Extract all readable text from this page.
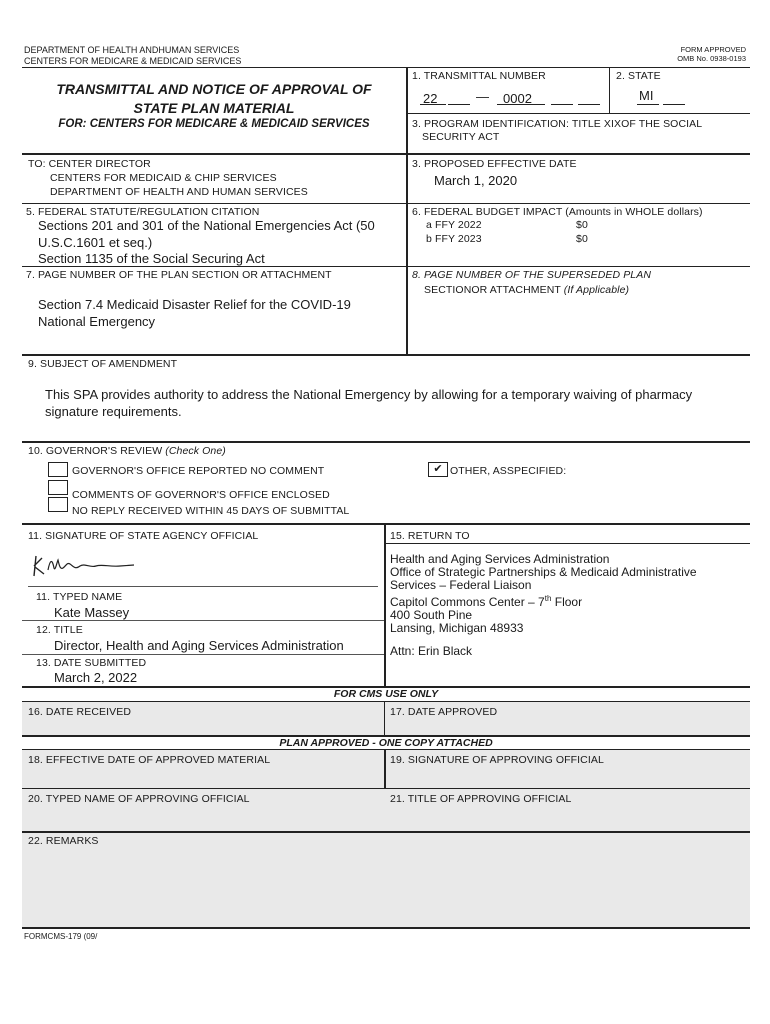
DEPARTMENT OF HEALTH ANDHUMAN SERVICES
CENTERS FOR MEDICARE & MEDICAID SERVICES
FORM APPROVED
OMB No. 0938-0193
TRANSMITTAL AND NOTICE OF APPROVAL OF
STATE PLAN MATERIAL
FOR: CENTERS FOR MEDICARE & MEDICAID SERVICES
1. TRANSMITTAL NUMBER
22	— 0002
2. STATE
MI
3. PROGRAM IDENTIFICATION: TITLE XIXOF THE SOCIAL
SECURITY ACT
TO: CENTER DIRECTOR
CENTERS FOR MEDICAID & CHIP SERVICES
DEPARTMENT OF HEALTH AND HUMAN SERVICES
3. PROPOSED EFFECTIVE DATE
March 1, 2020
5. FEDERAL STATUTE/REGULATION CITATION
Sections 201 and 301 of the National Emergencies Act (50
U.S.C.1601 et seq.)
Section 1135 of the Social Securing Act
6. FEDERAL BUDGET IMPACT (Amounts in WHOLE dollars)
a FFY 2022	$0
b FFY 2023	$0
7. PAGE NUMBER OF THE PLAN SECTION OR ATTACHMENT
Section 7.4 Medicaid Disaster Relief for the COVID-19
National Emergency
8. PAGE NUMBER OF THE SUPERSEDED PLAN
SECTIONOR ATTACHMENT (If Applicable)
9. SUBJECT OF AMENDMENT
This SPA provides authority to address the National Emergency by allowing for a temporary waiving of pharmacy
signature requirements.
10. GOVERNOR'S REVIEW (Check One)
GOVERNOR'S OFFICE REPORTED NO COMMENT
COMMENTS OF GOVERNOR'S OFFICE ENCLOSED
NO REPLY RECEIVED WITHIN 45 DAYS OF SUBMITTAL
✔ OTHER, ASSPECIFIED:
11. SIGNATURE OF STATE AGENCY OFFICIAL
11. TYPED NAME
Kate Massey
12. TITLE
Director, Health and Aging Services Administration
13. DATE SUBMITTED
March 2, 2022
15. RETURN TO
Health and Aging Services Administration
Office of Strategic Partnerships & Medicaid Administrative
Services – Federal Liaison
Capitol Commons Center – 7th Floor
400 South Pine
Lansing, Michigan 48933
Attn: Erin Black
FOR CMS USE ONLY
16. DATE RECEIVED	17. DATE APPROVED
PLAN APPROVED - ONE COPY ATTACHED
18. EFFECTIVE DATE OF APPROVED MATERIAL	19. SIGNATURE OF APPROVING OFFICIAL
20. TYPED NAME OF APPROVING OFFICIAL	21. TITLE OF APPROVING OFFICIAL
22. REMARKS
FORMCMS-179 (09/
